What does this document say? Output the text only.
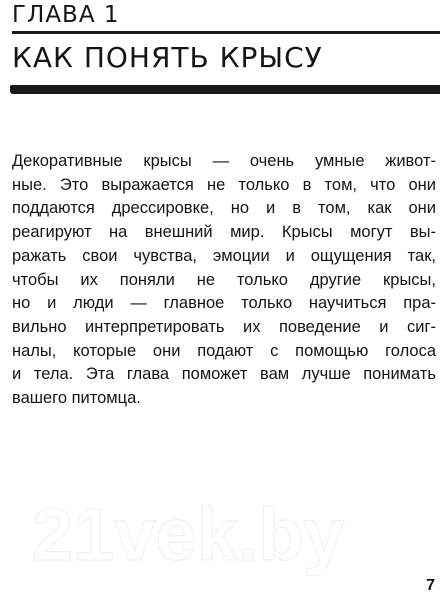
ГЛАВА 1
КАК ПОНЯТЬ КРЫСУ

Декоративные крысы — очень умные живот-
ные. Это выражается не только в том, что они
поддаются дрессировке, но и в том, как они
реагируют на внешний мир. Крысы могут вы-
ражать свои чувства, эмоции и ощущения так,
чтобы их поняли не только другие крысы,
но и люди — главное только научиться пра-
вильно интерпретировать их поведение и сиг-
налы, которые они подают с помощью голоса
и тела. Эта глава поможет вам лучше понимать
вашего питомца.

21vek.by
7
